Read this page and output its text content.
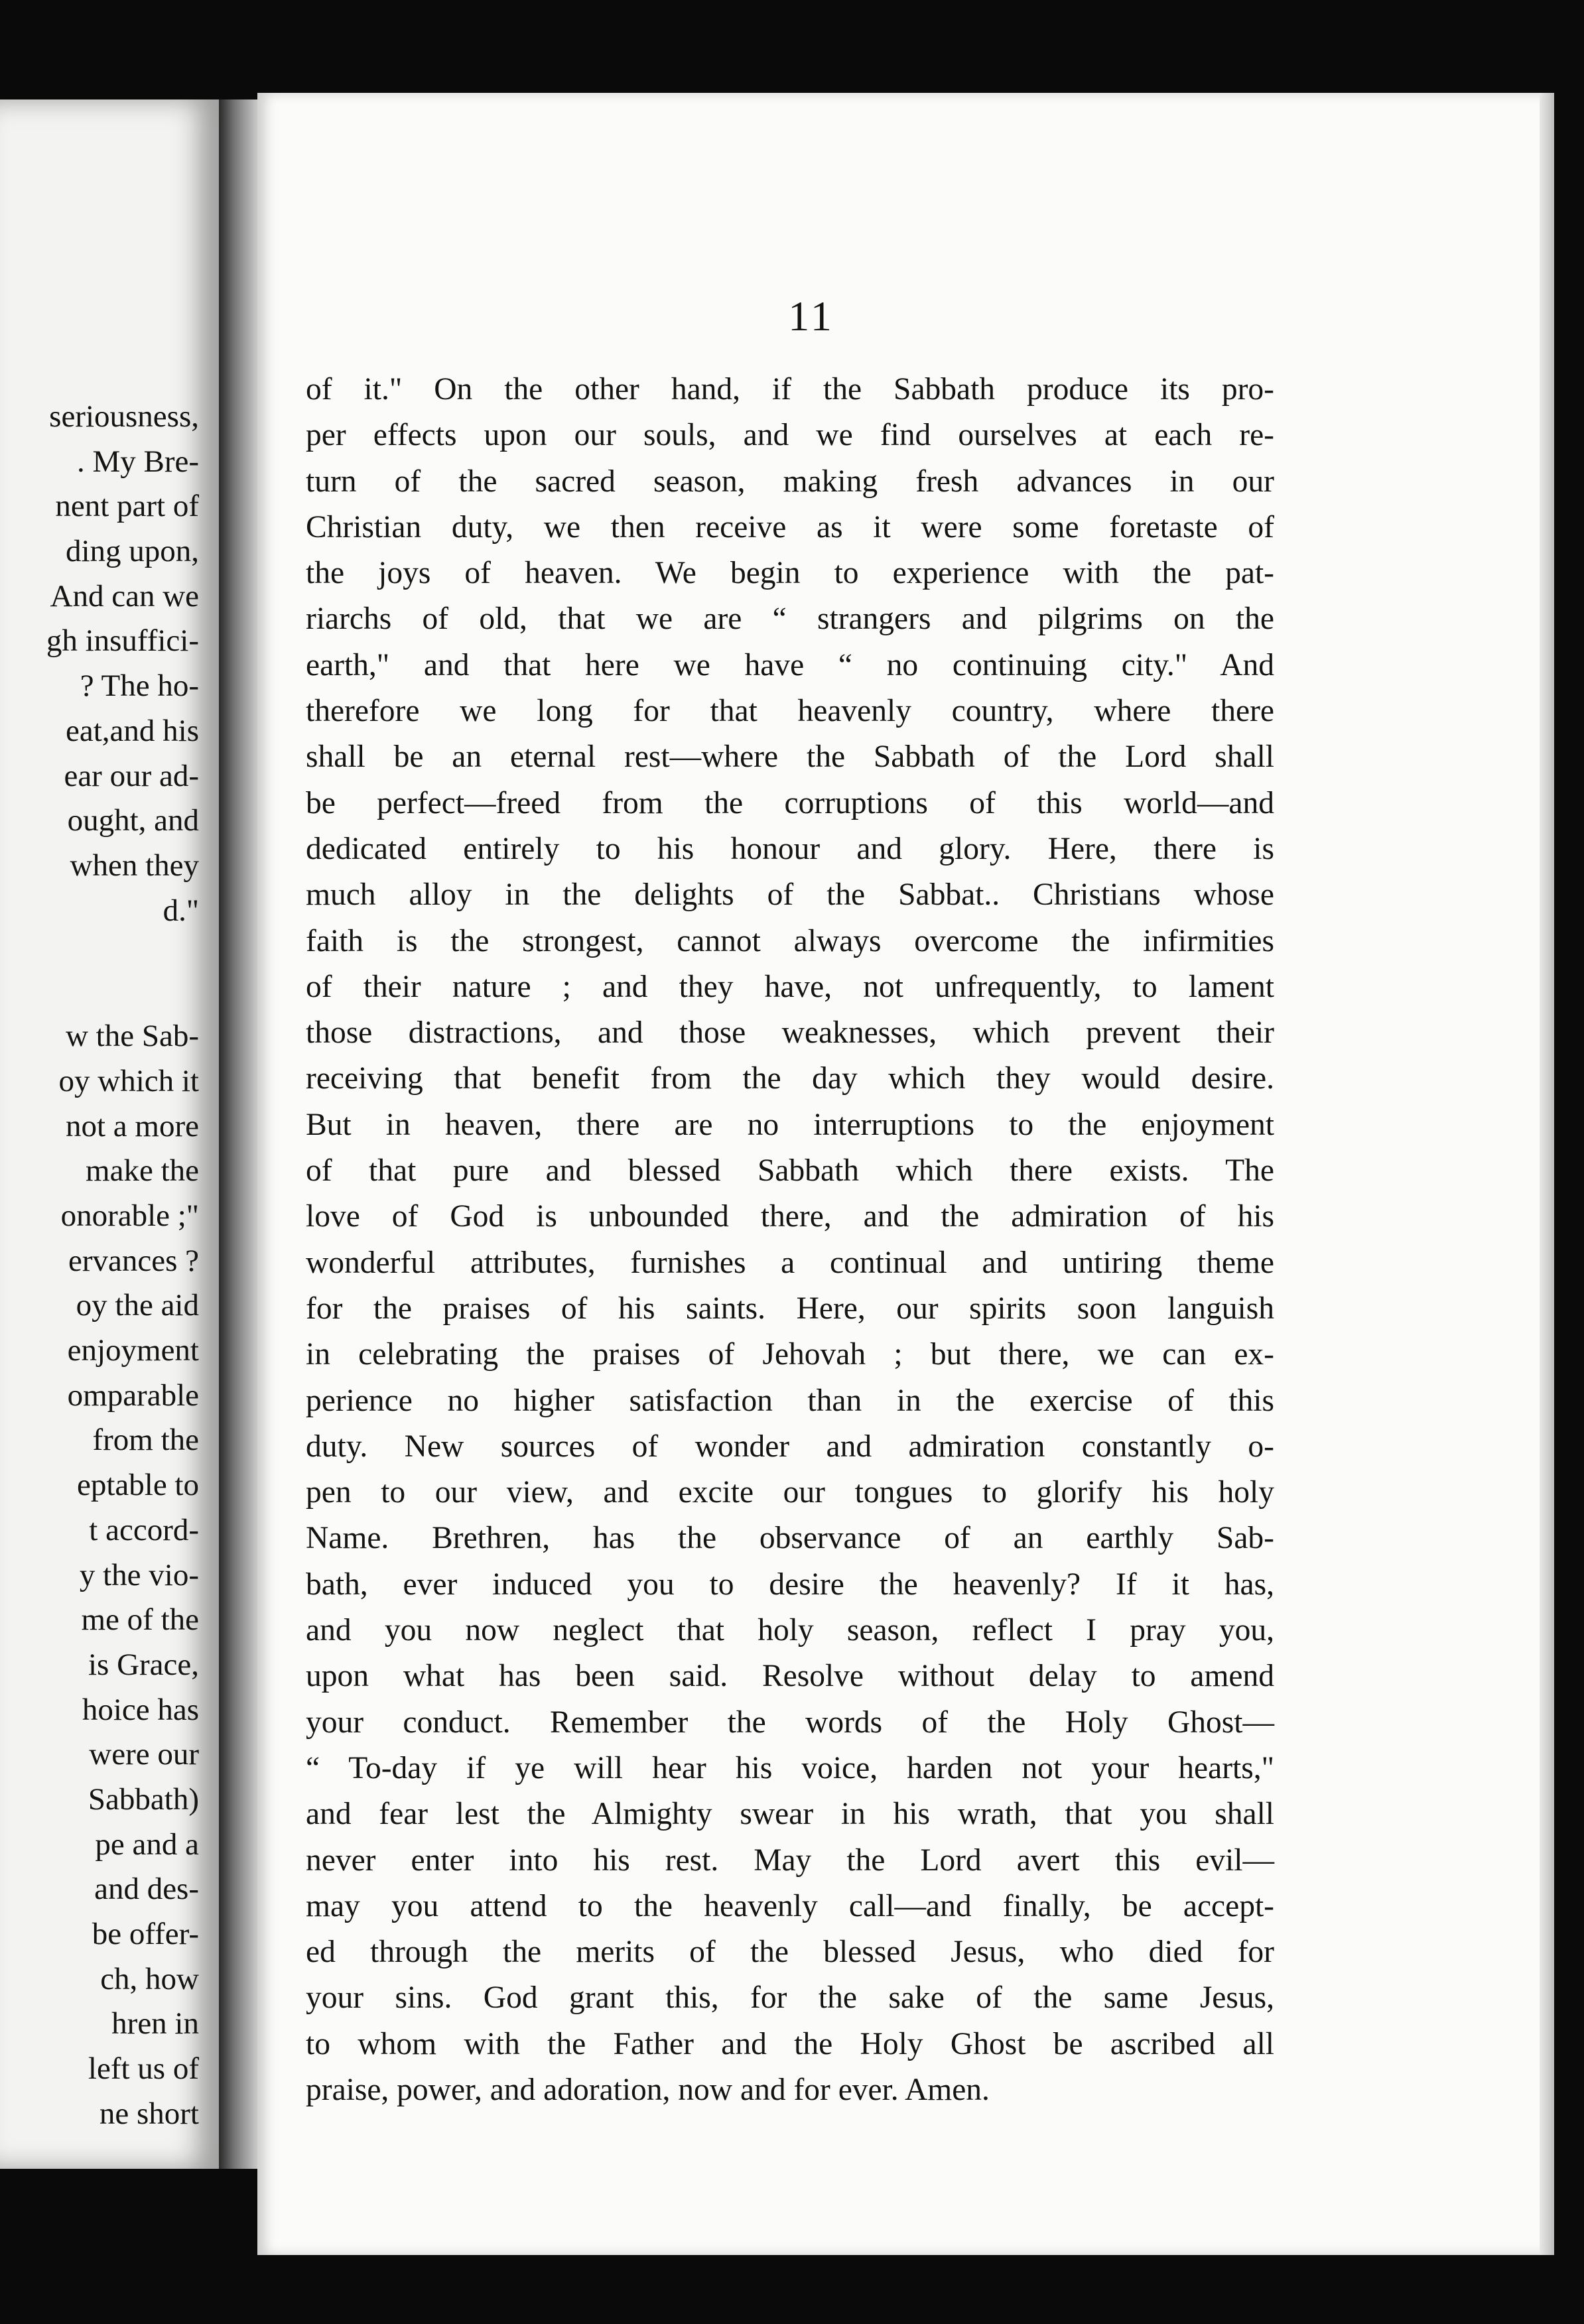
seriousness,
. My Bre-
nent part of
ding upon,
And can we
gh insuffici-
? The ho-
eat,and his
ear our ad-
ought, and
when they
d."
w the Sab-
oy which it
not a more
make the
onorable ;"
ervances ?
oy the aid
enjoyment
omparable
from the
eptable to
t accord-
y the vio-
me of the
is Grace,
hoice has
were our
Sabbath)
pe and a
and des-
be offer-
ch, how
hren in
left us of
ne short
11
of it." On the other hand, if the Sabbath produce its pro-
per effects upon our souls, and we find ourselves at each re-
turn of the sacred season, making fresh advances in our
Christian duty, we then receive as it were some foretaste of
the joys of heaven. We begin to experience with the pat-
riarchs of old, that we are “ strangers and pilgrims on the
earth," and that here we have “ no continuing city." And
therefore we long for that heavenly country, where there
shall be an eternal rest—where the Sabbath of the Lord shall
be perfect—freed from the corruptions of this world—and
dedicated entirely to his honour and glory. Here, there is
much alloy in the delights of the Sabbat.. Christians whose
faith is the strongest, cannot always overcome the infirmities
of their nature ; and they have, not unfrequently, to lament
those distractions, and those weaknesses, which prevent their
receiving that benefit from the day which they would desire.
But in heaven, there are no interruptions to the enjoyment
of that pure and blessed Sabbath which there exists. The
love of God is unbounded there, and the admiration of his
wonderful attributes, furnishes a continual and untiring theme
for the praises of his saints. Here, our spirits soon languish
in celebrating the praises of Jehovah ; but there, we can ex-
perience no higher satisfaction than in the exercise of this
duty. New sources of wonder and admiration constantly o-
pen to our view, and excite our tongues to glorify his holy
Name. Brethren, has the observance of an earthly Sab-
bath, ever induced you to desire the heavenly? If it has,
and you now neglect that holy season, reflect I pray you,
upon what has been said. Resolve without delay to amend
your conduct. Remember the words of the Holy Ghost—
“ To-day if ye will hear his voice, harden not your hearts,"
and fear lest the Almighty swear in his wrath, that you shall
never enter into his rest. May the Lord avert this evil—
may you attend to the heavenly call—and finally, be accept-
ed through the merits of the blessed Jesus, who died for
your sins. God grant this, for the sake of the same Jesus,
to whom with the Father and the Holy Ghost be ascribed all
praise, power, and adoration, now and for ever. Amen.
